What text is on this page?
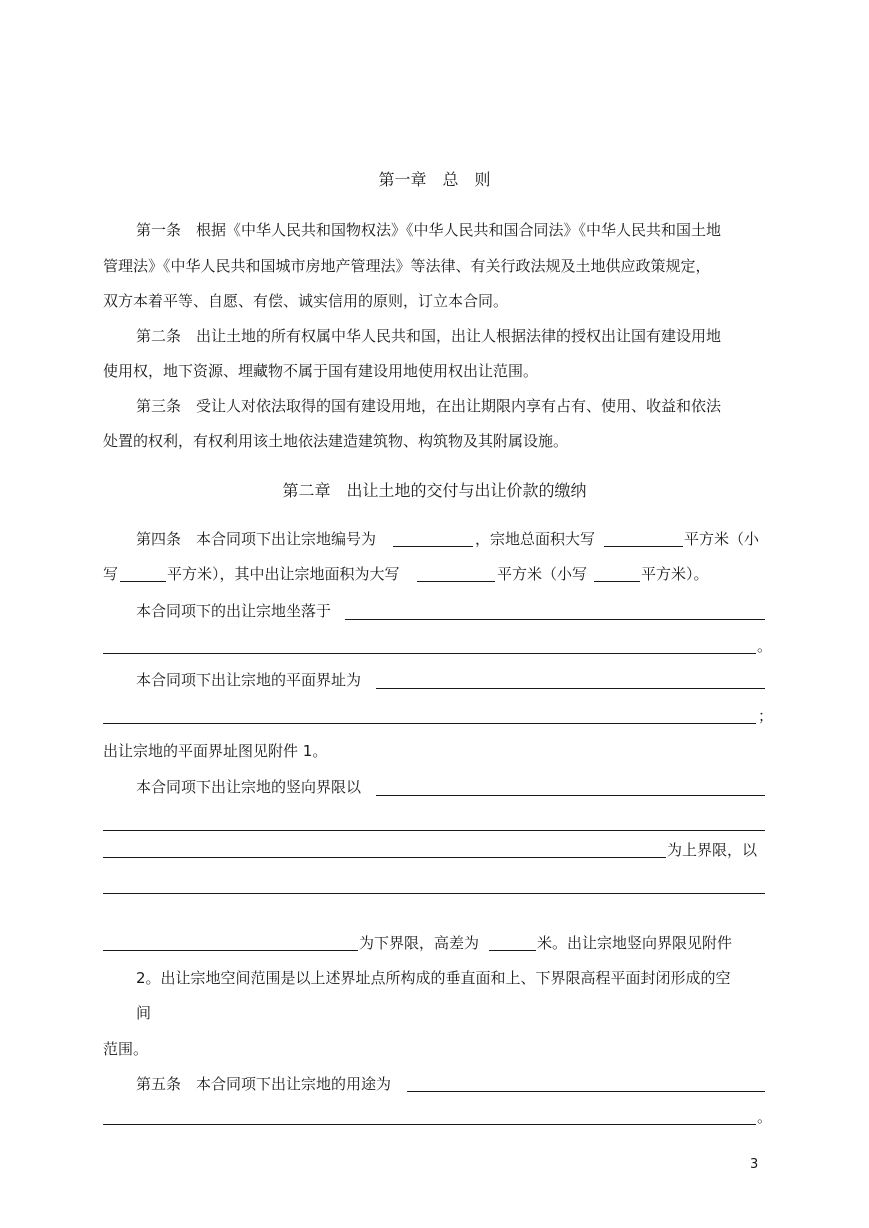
第一章　总　则
第一条　根据《中华人民共和国物权法》《中华人民共和国合同法》《中华人民共和国土地
管理法》《中华人民共和国城市房地产管理法》等法律、有关行政法规及土地供应政策规定，
双方本着平等、自愿、有偿、诚实信用的原则，订立本合同。
第二条　出让土地的所有权属中华人民共和国，出让人根据法律的授权出让国有建设用地
使用权，地下资源、埋藏物不属于国有建设用地使用权出让范围。
第三条　受让人对依法取得的国有建设用地，在出让期限内享有占有、使用、收益和依法
处置的权利，有权利用该土地依法建造建筑物、构筑物及其附属设施。
第二章　出让土地的交付与出让价款的缴纳
第四条　本合同项下出让宗地编号为	，宗地总面积大写	平方米（小
写	平方米），其中出让宗地面积为大写	平方米（小写	平方米）。
本合同项下的出让宗地坐落于
。
本合同项下出让宗地的平面界址为
；
出让宗地的平面界址图见附件 1。
本合同项下出让宗地的竖向界限以
为上界限，以
为下界限，高差为	米。出让宗地竖向界限见附件
2。出让宗地空间范围是以上述界址点所构成的垂直面和上、下界限高程平面封闭形成的空
间
范围。
第五条　本合同项下出让宗地的用途为
。
3
